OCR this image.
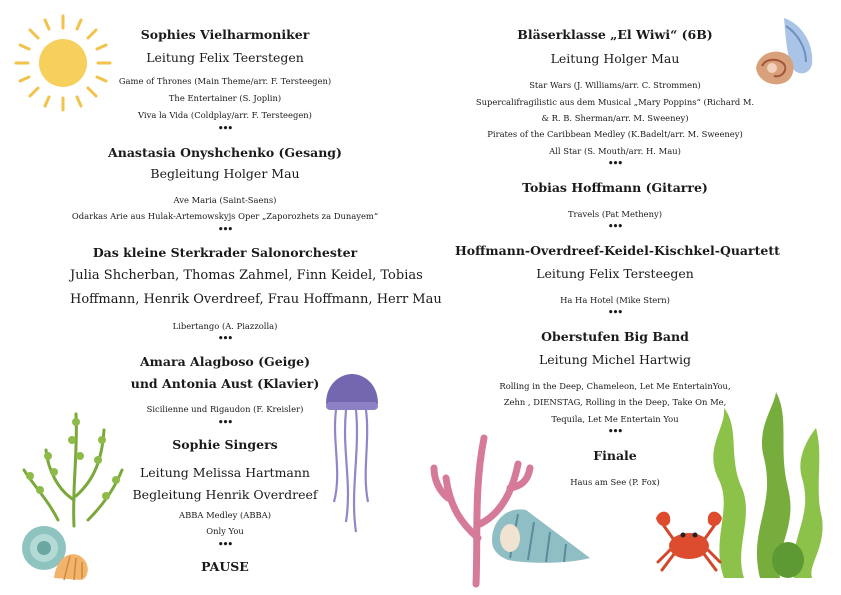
Sophies Vielharmoniker
Leitung Felix Teerstegen
Game of Thrones (Main Theme/arr. F. Tersteegen)
The Entertainer (S. Joplin)
Viva la Vida (Coldplay/arr. F. Tersteegen)
•••
Anastasia Onyshchenko (Gesang)
Begleitung Holger Mau
Ave Maria (Saint-Saens)
Odarkas Arie aus Hulak-Artemowskyjs Oper „Zaporozhets za Dunayem“
•••
Das kleine Sterkrader Salonorchester
Julia Shcherban, Thomas Zahmel, Finn Keidel, Tobias
Hoffmann, Henrik Overdreef, Frau Hoffmann, Herr Mau
Libertango (A. Piazzolla)
•••
Amara Alagboso (Geige)
und Antonia Aust (Klavier)
Sicilienne und Rigaudon (F. Kreisler)
•••
Sophie Singers
Leitung Melissa Hartmann
Begleitung Henrik Overdreef
ABBA Medley (ABBA)
Only You
•••
PAUSE
Bläserklasse „El Wiwi“ (6B)
Leitung Holger Mau
Star Wars (J. Williams/arr. C. Strommen)
Supercalifragilistic aus dem Musical „Mary Poppins“ (Richard M.
& R. B. Sherman/arr. M. Sweeney)
Pirates of the Caribbean Medley (K.Badelt/arr. M. Sweeney)
All Star (S. Mouth/arr. H. Mau)
•••
Tobias Hoffmann (Gitarre)
Travels (Pat Metheny)
•••
Hoffmann-Overdreef-Keidel-Kischkel-Quartett
Leitung Felix Tersteegen
Ha Ha Hotel (Mike Stern)
•••
Oberstufen Big Band
Leitung Michel Hartwig
Rolling in the Deep, Chameleon, Let Me EntertainYou,
Zehn , DIENSTAG, Rolling in the Deep, Take On Me,
Tequila, Let Me Entertain You
•••
Finale
Haus am See (P. Fox)
